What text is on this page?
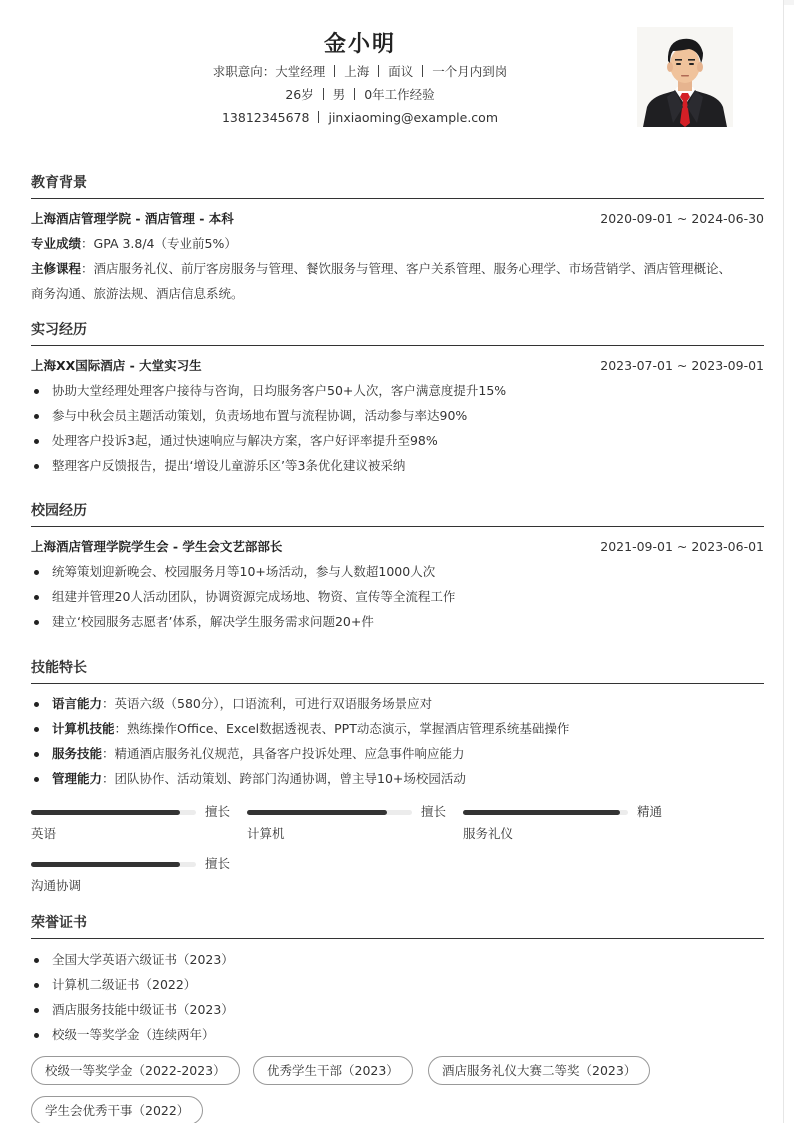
金小明
求职意向：大堂经理 上海 面议 一个月内到岗
26岁 男 0年工作经验
13812345678 jinxiaoming@example.com
教育背景
上海酒店管理学院 - 酒店管理 - 本科	2020-09-01 ~ 2024-06-30
专业成绩：GPA 3.8/4（专业前5%）
主修课程：酒店服务礼仪、前厅客房服务与管理、餐饮服务与管理、客户关系管理、服务心理学、市场营销学、酒店管理概论、
商务沟通、旅游法规、酒店信息系统。
实习经历
上海XX国际酒店 - 大堂实习生	2023-07-01 ~ 2023-09-01
协助大堂经理处理客户接待与咨询，日均服务客户50+人次，客户满意度提升15%
参与中秋会员主题活动策划，负责场地布置与流程协调，活动参与率达90%
处理客户投诉3起，通过快速响应与解决方案，客户好评率提升至98%
整理客户反馈报告，提出‘增设儿童游乐区’等3条优化建议被采纳
校园经历
上海酒店管理学院学生会 - 学生会文艺部部长	2021-09-01 ~ 2023-06-01
统筹策划迎新晚会、校园服务月等10+场活动，参与人数超1000人次
组建并管理20人活动团队，协调资源完成场地、物资、宣传等全流程工作
建立‘校园服务志愿者’体系，解决学生服务需求问题20+件
技能特长
语言能力：英语六级（580分），口语流利，可进行双语服务场景应对
计算机技能：熟练操作Office、Excel数据透视表、PPT动态演示，掌握酒店管理系统基础操作
服务技能：精通酒店服务礼仪规范，具备客户投诉处理、应急事件响应能力
管理能力：团队协作、活动策划、跨部门沟通协调，曾主导10+场校园活动
擅长
英语
擅长
计算机
精通
服务礼仪
擅长
沟通协调
荣誉证书
全国大学英语六级证书（2023）
计算机二级证书（2022）
酒店服务技能中级证书（2023）
校级一等奖学金（连续两年）
校级一等奖学金（2022-2023）	优秀学生干部（2023）	酒店服务礼仪大赛二等奖（2023）
学生会优秀干事（2022）
